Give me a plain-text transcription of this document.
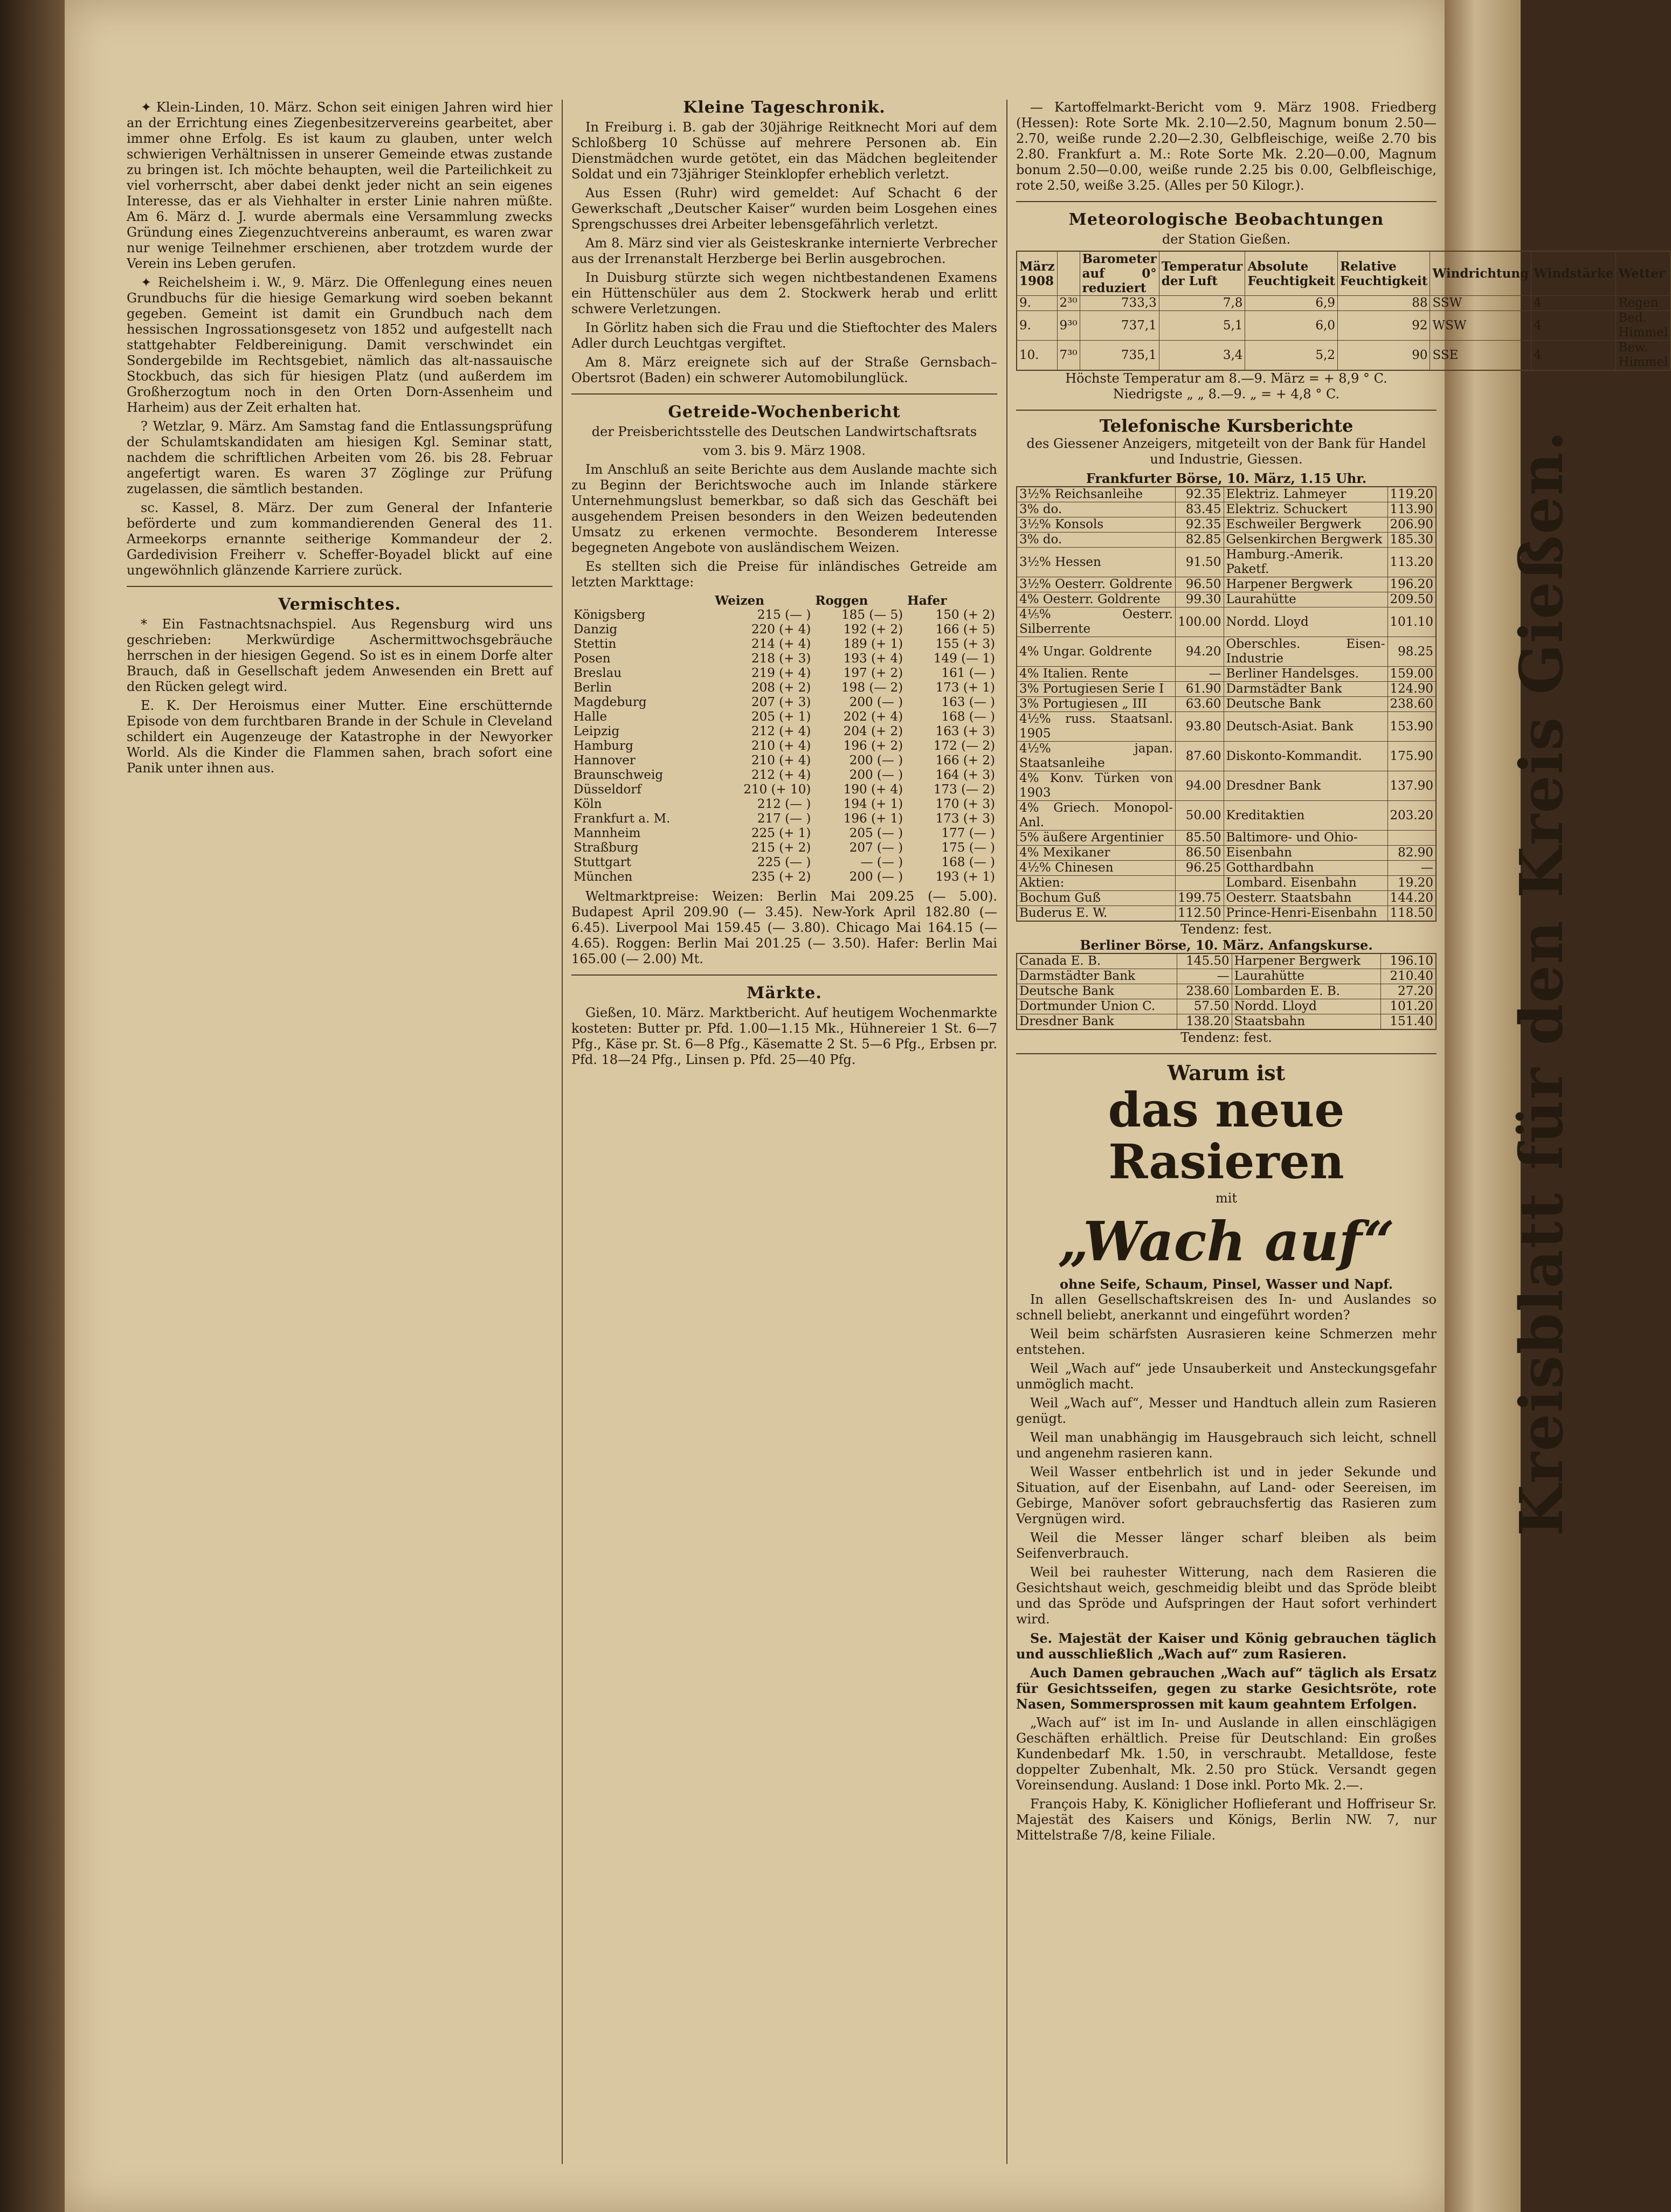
Kreisblatt für den Kreis Gießen.

✦ Klein-Linden, 10. März. Schon seit einigen Jahren wird hier an der Errichtung eines Ziegenbesitzervereins gearbeitet, aber immer ohne Erfolg. Es ist kaum zu glauben, unter welch schwierigen Verhältnissen in unserer Gemeinde etwas zustande zu bringen ist. Ich möchte behaupten, weil die Parteilichkeit zu viel vorherrscht, aber dabei denkt jeder nicht an sein eigenes Interesse, das er als Viehhalter in erster Linie nahren müßte. Am 6. März d. J. wurde abermals eine Versammlung zwecks Gründung eines Ziegenzuchtvereins anberaumt, es waren zwar nur wenige Teilnehmer erschienen, aber trotzdem wurde der Verein ins Leben gerufen.

✦ Reichelsheim i. W., 9. März. Die Offenlegung eines neuen Grundbuchs für die hiesige Gemarkung wird soeben bekannt gegeben. Gemeint ist damit ein Grundbuch nach dem hessischen Ingrossationsgesetz von 1852 und aufgestellt nach stattgehabter Feldbereinigung. Damit verschwindet ein Sondergebilde im Rechtsgebiet, nämlich das alt-nassauische Stockbuch, das sich für hiesigen Platz (und außerdem im Großherzogtum noch in den Orten Dorn-Assenheim und Harheim) aus der Zeit erhalten hat.

? Wetzlar, 9. März. Am Samstag fand die Entlassungsprüfung der Schulamtskandidaten am hiesigen Kgl. Seminar statt, nachdem die schriftlichen Arbeiten vom 26. bis 28. Februar angefertigt waren. Es waren 37 Zöglinge zur Prüfung zugelassen, die sämtlich bestanden.

sc. Kassel, 8. März. Der zum General der Infanterie beförderte und zum kommandierenden General des 11. Armeekorps ernannte seitherige Kommandeur der 2. Gardedivision Freiherr v. Scheffer-Boyadel blickt auf eine ungewöhnlich glänzende Karriere zurück.

Vermischtes.

* Ein Fastnachtsnachspiel. Aus Regensburg wird uns geschrieben: Merkwürdige Aschermittwochsgebräuche herrschen in der hiesigen Gegend. So ist es in einem Dorfe alter Brauch, daß in Gesellschaft jedem Anwesenden ein Brett auf den Rücken gelegt wird.

E. K. Der Heroismus einer Mutter. Eine erschütternde Episode von dem furchtbaren Brande in der Schule in Cleveland schildert ein Augenzeuge der Katastrophe in der Newyorker World. Als die Kinder die Flammen sahen, brach sofort eine Panik unter ihnen aus.

Kleine Tageschronik.

In Freiburg i. B. gab der 30jährige Reitknecht Mori auf dem Schloßberg 10 Schüsse auf mehrere Personen ab. Ein Dienstmädchen wurde getötet, ein das Mädchen begleitender Soldat und ein 73jähriger Steinklopfer erheblich verletzt.

Aus Essen (Ruhr) wird gemeldet: Auf Schacht 6 der Gewerkschaft „Deutscher Kaiser“ wurden beim Losgehen eines Sprengschusses drei Arbeiter lebensgefährlich verletzt.

Am 8. März sind vier als Geisteskranke internierte Verbrecher aus der Irrenanstalt Herzberge bei Berlin ausgebrochen.

In Duisburg stürzte sich wegen nichtbestandenen Examens ein Hüttenschüler aus dem 2. Stockwerk herab und erlitt schwere Verletzungen.

In Görlitz haben sich die Frau und die Stieftochter des Malers Adler durch Leuchtgas vergiftet.

Am 8. März ereignete sich auf der Straße Gernsbach–Obertsrot (Baden) ein schwerer Automobilunglück.

Getreide-Wochenbericht
der Preisberichtsstelle des Deutschen Landwirtschaftsrats
vom 3. bis 9. März 1908.

Im Anschluß an seite Berichte aus dem Auslande machte sich zu Beginn der Berichtswoche auch im Inlande stärkere Unternehmungslust bemerkbar, so daß sich das Geschäft bei ausgehendem Preisen besonders in den Weizen bedeutenden Umsatz zu erkenen vermochte. Besonderem Interesse begegneten Angebote von ausländischem Weizen.

Es stellten sich die Preise für inländisches Getreide am letzten Markttage:

	Weizen	Roggen	Hafer
Königsberg	215 (— )	185 (— 5)	150 (+ 2)
Danzig	220 (+ 4)	192 (+ 2)	166 (+ 5)
Stettin	214 (+ 4)	189 (+ 1)	155 (+ 3)
Posen	218 (+ 3)	193 (+ 4)	149 (— 1)
Breslau	219 (+ 4)	197 (+ 2)	161 (— )
Berlin	208 (+ 2)	198 (— 2)	173 (+ 1)
Magdeburg	207 (+ 3)	200 (— )	163 (— )
Halle	205 (+ 1)	202 (+ 4)	168 (— )
Leipzig	212 (+ 4)	204 (+ 2)	163 (+ 3)
Hamburg	210 (+ 4)	196 (+ 2)	172 (— 2)
Hannover	210 (+ 4)	200 (— )	166 (+ 2)
Braunschweig	212 (+ 4)	200 (— )	164 (+ 3)
Düsseldorf	210 (+ 10)	190 (+ 4)	173 (— 2)
Köln	212 (— )	194 (+ 1)	170 (+ 3)
Frankfurt a. M.	217 (— )	196 (+ 1)	173 (+ 3)
Mannheim	225 (+ 1)	205 (— )	177 (— )
Straßburg	215 (+ 2)	207 (— )	175 (— )
Stuttgart	225 (— )	— (— )	168 (— )
München	235 (+ 2)	200 (— )	193 (+ 1)

Weltmarktpreise: Weizen: Berlin Mai 209.25 (— 5.00). Budapest April 209.90 (— 3.45). New-York April 182.80 (— 6.45). Liverpool Mai 159.45 (— 3.80). Chicago Mai 164.15 (— 4.65). Roggen: Berlin Mai 201.25 (— 3.50). Hafer: Berlin Mai 165.00 (— 2.00) Mt.

Märkte.

Gießen, 10. März. Marktbericht. Auf heutigem Wochenmarkte kosteten: Butter pr. Pfd. 1.00—1.15 Mk., Hühnereier 1 St. 6—7 Pfg., Käse pr. St. 6—8 Pfg., Käsematte 2 St. 5—6 Pfg., Erbsen pr. Pfd. 18—24 Pfg., Linsen p. Pfd. 25—40 Pfg.

— Kartoffelmarkt-Bericht vom 9. März 1908. Friedberg (Hessen): Rote Sorte Mk. 2.10—2.50, Magnum bonum 2.50—2.70, weiße runde 2.20—2.30, Gelbfleischige, weiße 2.70 bis 2.80. Frankfurt a. M.: Rote Sorte Mk. 2.20—0.00, Magnum bonum 2.50—0.00, weiße runde 2.25 bis 0.00, Gelbfleischige, rote 2.50, weiße 3.25. (Alles per 50 Kilogr.).

Meteorologische Beobachtungen
der Station Gießen.
März 1908		Barometer auf 0° reduziert	Temperatur der Luft	Absolute Feuchtigkeit	Relative Feuchtigkeit	Windrichtung	Windstärke	Wetter
9.	2³⁰	733,3	7,8	6,9	88	SSW	4	Regen
9.	9³⁰	737,1	5,1	6,0	92	WSW	4	Bed. Himmel
10.	7³⁰	735,1	3,4	5,2	90	SSE	4	Bew. Himmel
Höchste Temperatur am 8.—9. März = + 8,9 ° C.
Niedrigste „ „ 8.—9. „ = + 4,8 ° C.
Telefonische Kursberichte
des Giessener Anzeigers, mitgeteilt von der Bank für Handel und Industrie, Giessen.
Frankfurter Börse, 10. März, 1.15 Uhr.
3½% Reichsanleihe	92.35	Elektriz. Lahmeyer	119.20
3% do.	83.45	Elektriz. Schuckert	113.90
3½% Konsols	92.35	Eschweiler Bergwerk	206.90
3% do.	82.85	Gelsenkirchen Bergwerk	185.30
3½% Hessen	91.50	Hamburg.-Amerik. Paketf.	113.20
3½% Oesterr. Goldrente	96.50	Harpener Bergwerk	196.20
4% Oesterr. Goldrente	99.30	Laurahütte	209.50
4⅕% Oesterr. Silberrente	100.00	Nordd. Lloyd	101.10
4% Ungar. Goldrente	94.20	Oberschles. Eisen-Industrie	98.25
4% Italien. Rente	—	Berliner Handelsges.	159.00
3% Portugiesen Serie I	61.90	Darmstädter Bank	124.90
3% Portugiesen „ III	63.60	Deutsche Bank	238.60
4½% russ. Staatsanl. 1905	93.80	Deutsch-Asiat. Bank	153.90
4½% japan. Staatsanleihe	87.60	Diskonto-Kommandit.	175.90
4% Konv. Türken von 1903	94.00	Dresdner Bank	137.90
4% Griech. Monopol-Anl.	50.00	Kreditaktien	203.20
5% äußere Argentinier	85.50	Baltimore- und Ohio-	
4% Mexikaner	86.50	Eisenbahn	82.90
4½% Chinesen	96.25	Gotthardbahn	—
Aktien:		Lombard. Eisenbahn	19.20
Bochum Guß	199.75	Oesterr. Staatsbahn	144.20
Buderus E. W.	112.50	Prince-Henri-Eisenbahn	118.50
Tendenz: fest.
Berliner Börse, 10. März. Anfangskurse.
Canada E. B.	145.50	Harpener Bergwerk	196.10
Darmstädter Bank	—	Laurahütte	210.40
Deutsche Bank	238.60	Lombarden E. B.	27.20
Dortmunder Union C.	57.50	Nordd. Lloyd	101.20
Dresdner Bank	138.20	Staatsbahn	151.40
Tendenz: fest.
Warum ist
das neue Rasieren
mit
„Wach auf“
ohne Seife, Schaum, Pinsel, Wasser und Napf.

In allen Gesellschaftskreisen des In- und Auslandes so schnell beliebt, anerkannt und eingeführt worden?

Weil beim schärfsten Ausrasieren keine Schmerzen mehr entstehen.

Weil „Wach auf“ jede Unsauberkeit und Ansteckungsgefahr unmöglich macht.

Weil „Wach auf“, Messer und Handtuch allein zum Rasieren genügt.

Weil man unabhängig im Hausgebrauch sich leicht, schnell und angenehm rasieren kann.

Weil Wasser entbehrlich ist und in jeder Sekunde und Situation, auf der Eisenbahn, auf Land- oder Seereisen, im Gebirge, Manöver sofort gebrauchsfertig das Rasieren zum Vergnügen wird.

Weil die Messer länger scharf bleiben als beim Seifenverbrauch.

Weil bei rauhester Witterung, nach dem Rasieren die Gesichtshaut weich, geschmeidig bleibt und das Spröde bleibt und das Spröde und Aufspringen der Haut sofort verhindert wird.

Se. Majestät der Kaiser und König gebrauchen täglich und ausschließlich „Wach auf“ zum Rasieren.

Auch Damen gebrauchen „Wach auf“ täglich als Ersatz für Gesichtsseifen, gegen zu starke Gesichtsröte, rote Nasen, Sommersprossen mit kaum geahntem Erfolgen.

„Wach auf“ ist im In- und Auslande in allen einschlägigen Geschäften erhältlich. Preise für Deutschland: Ein großes Kundenbedarf Mk. 1.50, in verschraubt. Metalldose, feste doppelter Zubenhalt, Mk. 2.50 pro Stück. Versandt gegen Voreinsendung. Ausland: 1 Dose inkl. Porto Mk. 2.—.

François Haby, K. Königlicher Hoflieferant und Hoffriseur Sr. Majestät des Kaisers und Königs, Berlin NW. 7, nur Mittelstraße 7/8, keine Filiale.
